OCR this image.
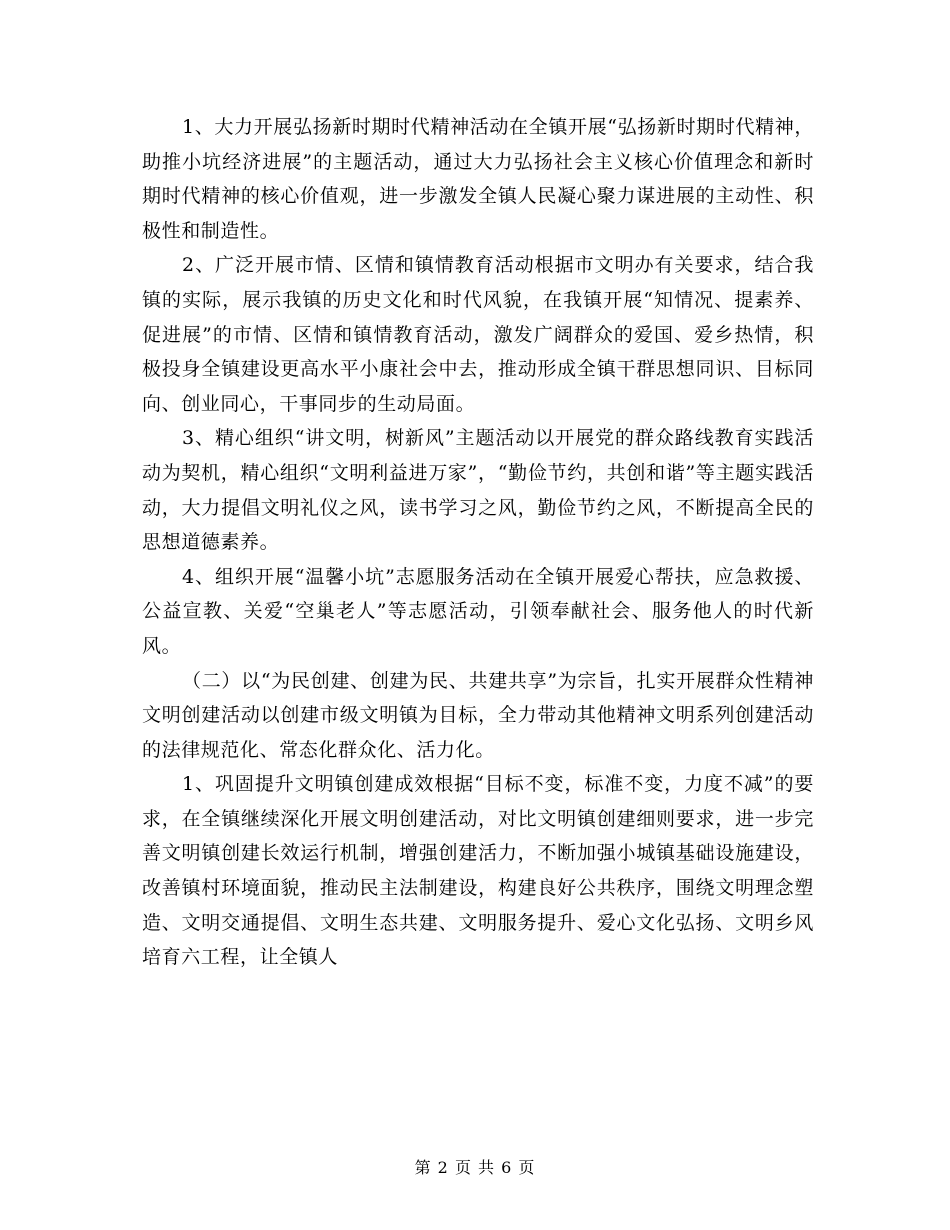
1、大力开展弘扬新时期时代精神活动在全镇开展“弘扬新时期时代精神，助推小坑经济进展”的主题活动，通过大力弘扬社会主义核心价值理念和新时期时代精神的核心价值观，进一步激发全镇人民凝心聚力谋进展的主动性、积极性和制造性。

2、广泛开展市情、区情和镇情教育活动根据市文明办有关要求，结合我镇的实际，展示我镇的历史文化和时代风貌，在我镇开展“知情况、提素养、促进展”的市情、区情和镇情教育活动，激发广阔群众的爱国、爱乡热情，积极投身全镇建设更高水平小康社会中去，推动形成全镇干群思想同识、目标同向、创业同心，干事同步的生动局面。

3、精心组织“讲文明，树新风”主题活动以开展党的群众路线教育实践活动为契机，精心组织“文明利益进万家”，“勤俭节约，共创和谐”等主题实践活动，大力提倡文明礼仪之风，读书学习之风，勤俭节约之风，不断提高全民的思想道德素养。

4、组织开展“温馨小坑”志愿服务活动在全镇开展爱心帮扶，应急救援、公益宣教、关爱“空巢老人”等志愿活动，引领奉献社会、服务他人的时代新风。

（二）以“为民创建、创建为民、共建共享”为宗旨，扎实开展群众性精神文明创建活动以创建市级文明镇为目标，全力带动其他精神文明系列创建活动的法律规范化、常态化群众化、活力化。

1、巩固提升文明镇创建成效根据“目标不变，标准不变，力度不减”的要求，在全镇继续深化开展文明创建活动，对比文明镇创建细则要求，进一步完善文明镇创建长效运行机制，增强创建活力，不断加强小城镇基础设施建设，改善镇村环境面貌，推动民主法制建设，构建良好公共秩序，围绕文明理念塑造、文明交通提倡、文明生态共建、文明服务提升、爱心文化弘扬、文明乡风培育六工程，让全镇人

第 2 页 共 6 页
